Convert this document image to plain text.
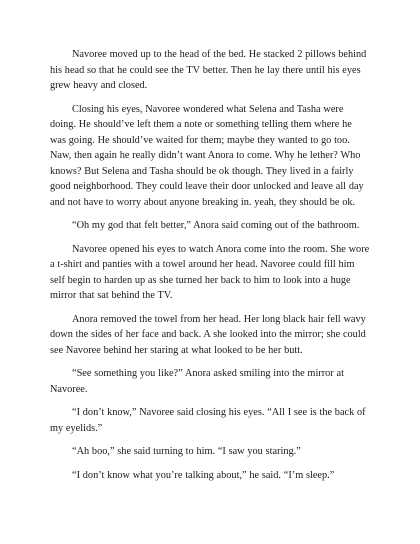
Navoree moved up to the head of the bed. He stacked 2 pillows behind his head so that he could see the TV better. Then he lay there until his eyes grew heavy and closed.

Closing his eyes, Navoree wondered what Selena and Tasha were doing. He should’ve left them a note or something telling them where he was going. He should’ve waited for them; maybe they wanted to go too. Naw, then again he really didn’t want Anora to come. Why he lether? Who knows? But Selena and Tasha should be ok though. They lived in a fairly good neighborhood. They could leave their door unlocked and leave all day and not have to worry about anyone breaking in. yeah, they should be ok.

“Oh my god that felt better,” Anora said coming out of the bathroom.

Navoree opened his eyes to watch Anora come into the room. She wore a t-shirt and panties with a towel around her head. Navoree could fill him self begin to harden up as she turned her back to him to look into a huge mirror that sat behind the TV.

Anora removed the towel from her head. Her long black hair fell wavy down the sides of her face and back. A she looked into the mirror; she could see Navoree behind her staring at what looked to be her butt.

“See something you like?” Anora asked smiling into the mirror at Navoree.

“I don’t know,” Navoree said closing his eyes. “All I see is the back of my eyelids.”

“Ah boo,” she said turning to him. “I saw you staring.”

“I don’t know what you’re talking about,” he said. “I’m sleep.”
